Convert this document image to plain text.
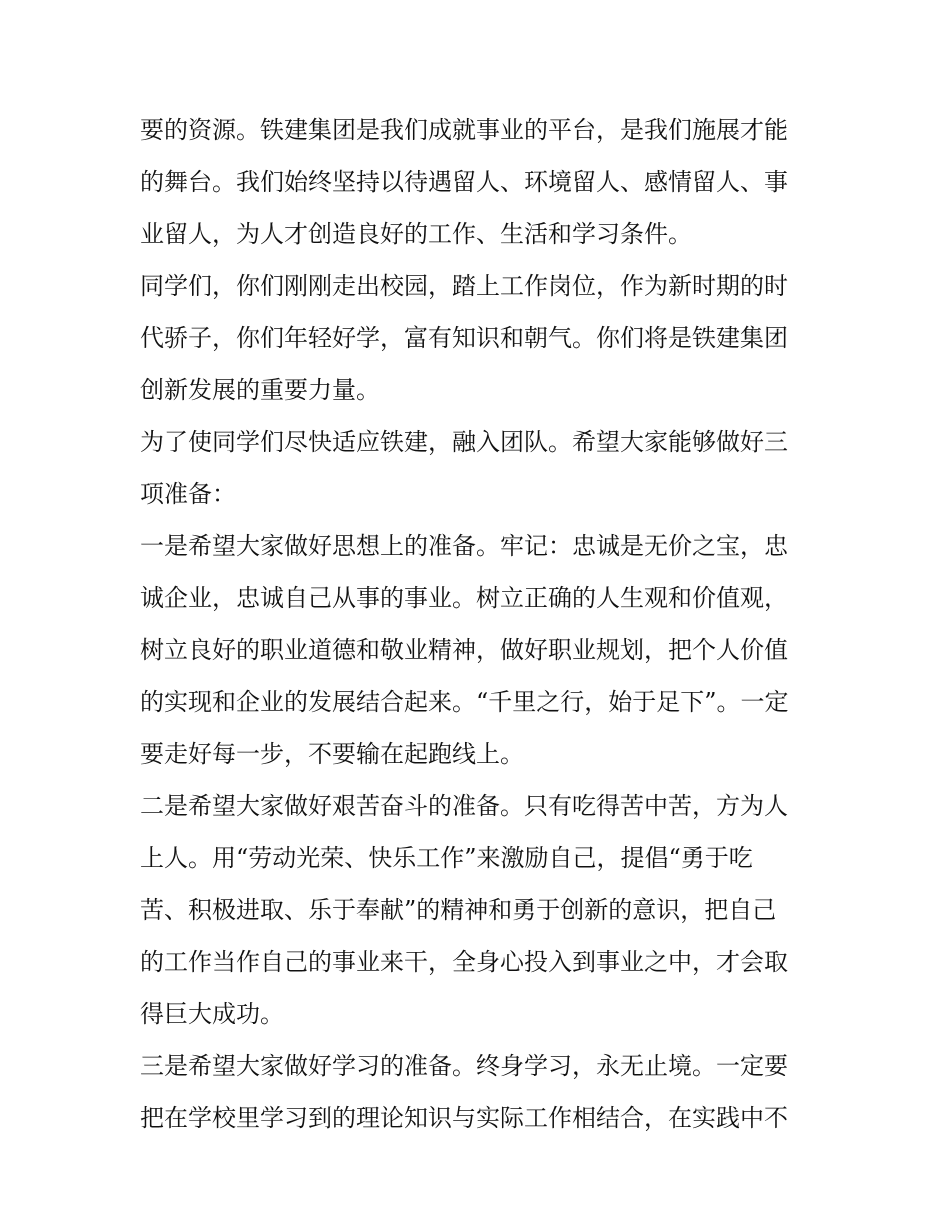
要的资源。铁建集团是我们成就事业的平台，是我们施展才能
的舞台。我们始终坚持以待遇留人、环境留人、感情留人、事
业留人，为人才创造良好的工作、生活和学习条件。
同学们，你们刚刚走出校园，踏上工作岗位，作为新时期的时
代骄子，你们年轻好学，富有知识和朝气。你们将是铁建集团
创新发展的重要力量。
为了使同学们尽快适应铁建，融入团队。希望大家能够做好三
项准备：
一是希望大家做好思想上的准备。牢记：忠诚是无价之宝，忠
诚企业，忠诚自己从事的事业。树立正确的人生观和价值观，
树立良好的职业道德和敬业精神，做好职业规划，把个人价值
的实现和企业的发展结合起来。“千里之行，始于足下”。一定
要走好每一步，不要输在起跑线上。
二是希望大家做好艰苦奋斗的准备。只有吃得苦中苦，方为人
上人。用“劳动光荣、快乐工作”来激励自己，提倡“勇于吃
苦、积极进取、乐于奉献”的精神和勇于创新的意识，把自己
的工作当作自己的事业来干，全身心投入到事业之中，才会取
得巨大成功。
三是希望大家做好学习的准备。终身学习，永无止境。一定要
把在学校里学习到的理论知识与实际工作相结合，在实践中不
